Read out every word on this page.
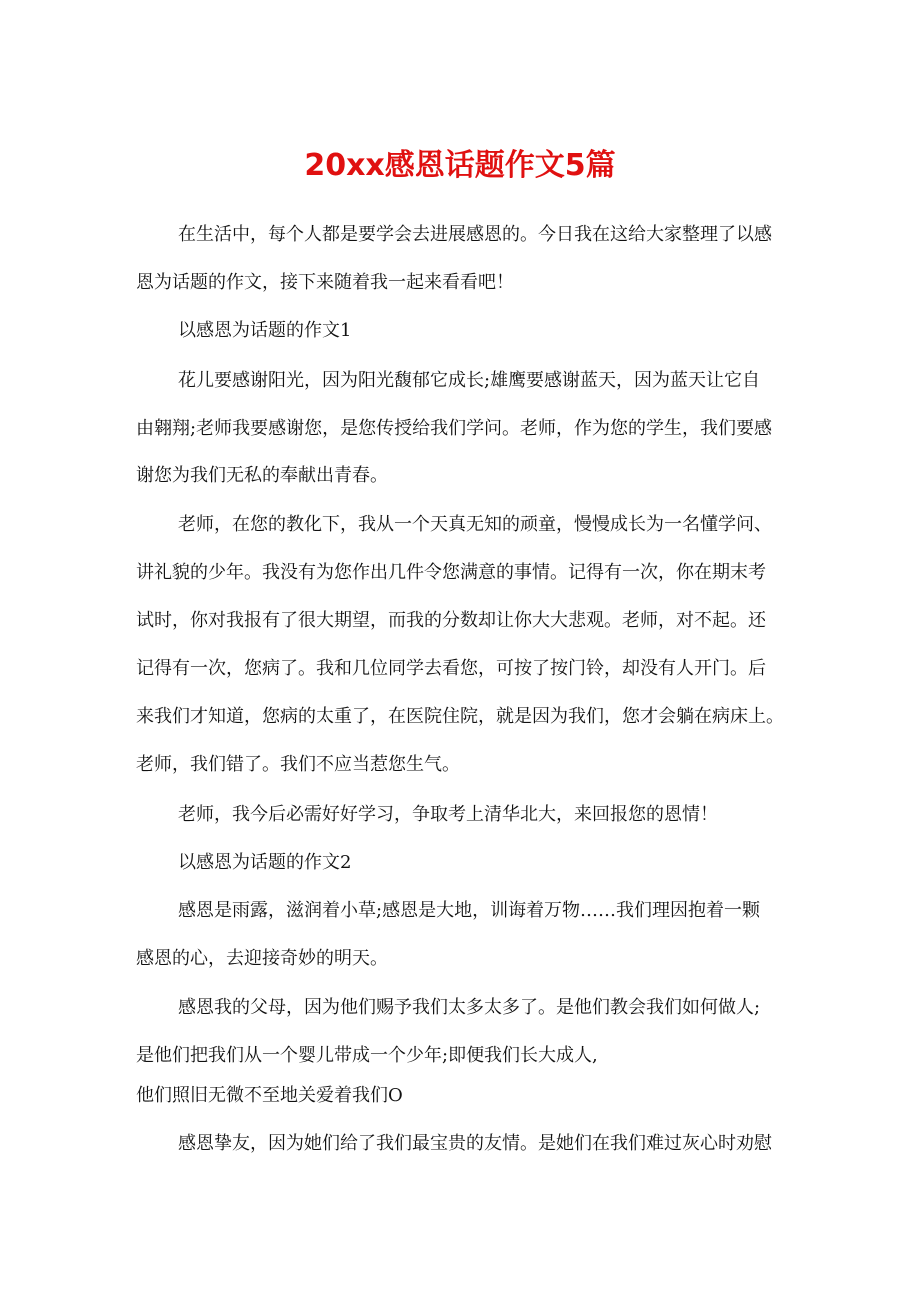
20xx感恩话题作文5篇
在生活中，每个人都是要学会去进展感恩的。今日我在这给大家整理了以感
恩为话题的作文，接下来随着我一起来看看吧！
以感恩为话题的作文1
花儿要感谢阳光，因为阳光馥郁它成长;雄鹰要感谢蓝天，因为蓝天让它自
由翱翔;老师我要感谢您，是您传授给我们学问。老师，作为您的学生，我们要感
谢您为我们无私的奉献出青春。
老师，在您的教化下，我从一个天真无知的顽童，慢慢成长为一名懂学问、
讲礼貌的少年。我没有为您作出几件令您满意的事情。记得有一次，你在期末考
试时，你对我报有了很大期望，而我的分数却让你大大悲观。老师，对不起。还
记得有一次，您病了。我和几位同学去看您，可按了按门铃，却没有人开门。后
来我们才知道，您病的太重了，在医院住院，就是因为我们，您才会躺在病床上。
老师，我们错了。我们不应当惹您生气。
老师，我今后必需好好学习，争取考上清华北大，来回报您的恩情！
以感恩为话题的作文2
感恩是雨露，滋润着小草;感恩是大地，训诲着万物……我们理因抱着一颗
感恩的心，去迎接奇妙的明天。
感恩我的父母，因为他们赐予我们太多太多了。是他们教会我们如何做人;
是他们把我们从一个婴儿带成一个少年;即便我们长大成人,
他们照旧无微不至地关爱着我们O
感恩挚友，因为她们给了我们最宝贵的友情。是她们在我们难过灰心时劝慰
